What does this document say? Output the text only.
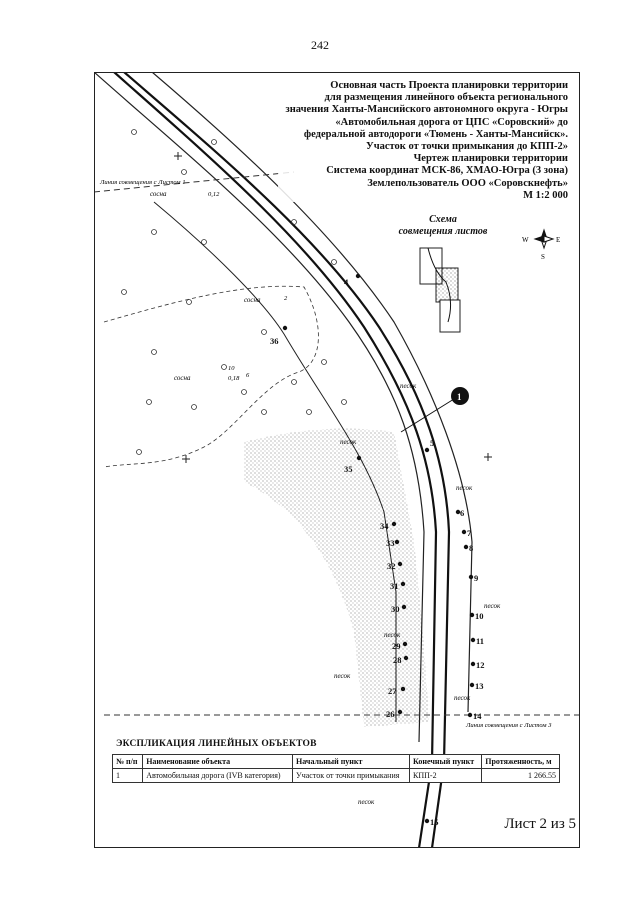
242
W	E
S
Линия совмещения с Листом 1
Линия совмещения с Листом 3
сосна	0,12
сосна	2
сосна
10
0,18 6
песок
песок
песок
песок
песок
песок
песок
песок
36
35
34
33
32
31
30
29
28
27
26
4
5
6
7
8
9
10
11
12
13
14
15
1
Основная часть Проекта планировки территории
для размещения линейного объекта регионального
значения Ханты-Мансийского автономного округа - Югры
«Автомобильная дорога от ЦПС «Соровский» до
федеральной автодороги «Тюмень - Ханты-Мансийск».
Участок от точки примыкания до КПП-2»
Чертеж планировки территории
Система координат МСК-86, ХМАО-Югра (3 зона)
Землепользователь ООО «Соровскнефть»
М 1:2 000
Схема
совмещения листов
ЭКСПЛИКАЦИЯ ЛИНЕЙНЫХ ОБЪЕКТОВ
№ п/п	Наименование объекта	Начальный пункт	Конечный пункт	Протяженность, м
1	Автомобильная дорога (IVB категория)	Участок от точки примыкания	КПП-2	1 266.55
Лист 2 из 5
